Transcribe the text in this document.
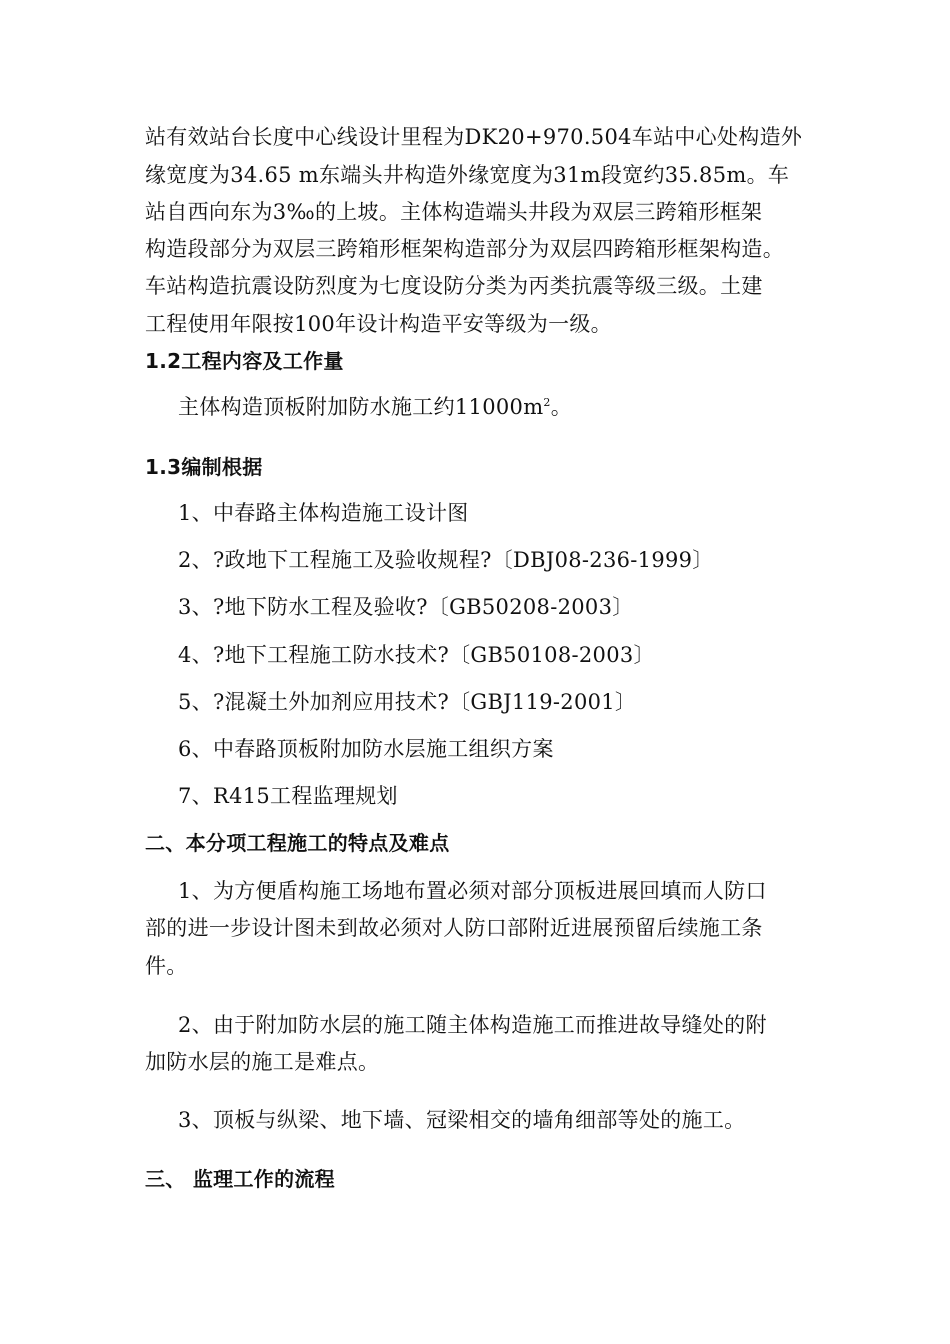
站有效站台长度中心线设计里程为DK20+970.504车站中心处构造外
缘宽度为34.65 m东端头井构造外缘宽度为31m段宽约35.85m。车
站自西向东为3‰的上坡。主体构造端头井段为双层三跨箱形框架
构造段部分为双层三跨箱形框架构造部分为双层四跨箱形框架构造。
车站构造抗震设防烈度为七度设防分类为丙类抗震等级三级。土建
工程使用年限按100年设计构造平安等级为一级。
1.2工程内容及工作量
主体构造顶板附加防水施工约$11000m^2$。
1.3编制根据
1、中春路主体构造施工设计图
2、?政地下工程施工及验收规程?〔DBJ08-236-1999〕
3、?地下防水工程及验收?〔GB50208-2003〕
4、?地下工程施工防水技术?〔GB50108-2003〕
5、?混凝土外加剂应用技术?〔GBJ119-2001〕
6、中春路顶板附加防水层施工组织方案
7、R415工程监理规划
二、本分项工程施工的特点及难点
1、为方便盾构施工场地布置必须对部分顶板进展回填而人防口
部的进一步设计图未到故必须对人防口部附近进展预留后续施工条
件。
2、由于附加防水层的施工随主体构造施工而推进故导缝处的附
加防水层的施工是难点。
3、顶板与纵梁、地下墙、冠梁相交的墙角细部等处的施工。
三、 监理工作的流程
